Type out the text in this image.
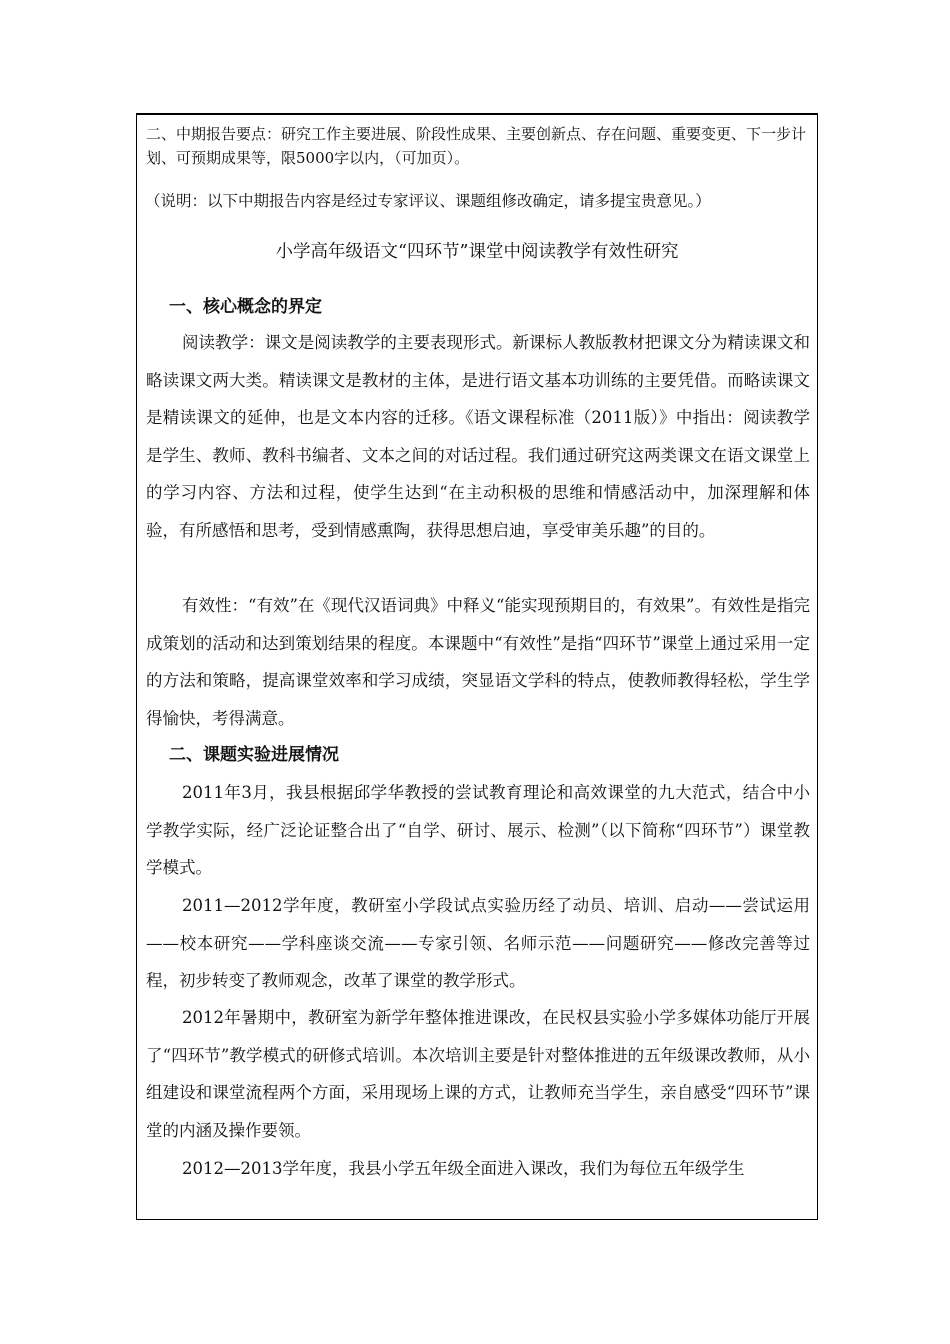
二、中期报告要点：研究工作主要进展、阶段性成果、主要创新点、存在问题、重要变更、下一步计划、可预期成果等，限5000字以内，（可加页）。
（说明：以下中期报告内容是经过专家评议、课题组修改确定，请多提宝贵意见。）
小学高年级语文“四环节”课堂中阅读教学有效性研究
一、核心概念的界定

阅读教学：课文是阅读教学的主要表现形式。新课标人教版教材把课文分为精读课文和略读课文两大类。精读课文是教材的主体，是进行语文基本功训练的主要凭借。而略读课文是精读课文的延伸，也是文本内容的迁移。《语文课程标准（2011版）》中指出：阅读教学是学生、教师、教科书编者、文本之间的对话过程。我们通过研究这两类课文在语文课堂上的学习内容、方法和过程，使学生达到“在主动积极的思维和情感活动中，加深理解和体验，有所感悟和思考，受到情感熏陶，获得思想启迪，享受审美乐趣”的目的。

有效性：“有效”在《现代汉语词典》中释义“能实现预期目的，有效果”。有效性是指完成策划的活动和达到策划结果的程度。本课题中“有效性”是指“四环节”课堂上通过采用一定的方法和策略，提高课堂效率和学习成绩，突显语文学科的特点，使教师教得轻松，学生学得愉快，考得满意。

二、课题实验进展情况

2011年3月，我县根据邱学华教授的尝试教育理论和高效课堂的九大范式，结合中小学教学实际，经广泛论证整合出了“自学、研讨、展示、检测”（以下简称“四环节”）课堂教学模式。

2011—2012学年度，教研室小学段试点实验历经了动员、培训、启动——尝试运用——校本研究——学科座谈交流——专家引领、名师示范——问题研究——修改完善等过程，初步转变了教师观念，改革了课堂的教学形式。

2012年暑期中，教研室为新学年整体推进课改，在民权县实验小学多媒体功能厅开展了“四环节”教学模式的研修式培训。本次培训主要是针对整体推进的五年级课改教师，从小组建设和课堂流程两个方面，采用现场上课的方式，让教师充当学生，亲自感受“四环节”课堂的内涵及操作要领。

2012—2013学年度，我县小学五年级全面进入课改，我们为每位五年级学生
